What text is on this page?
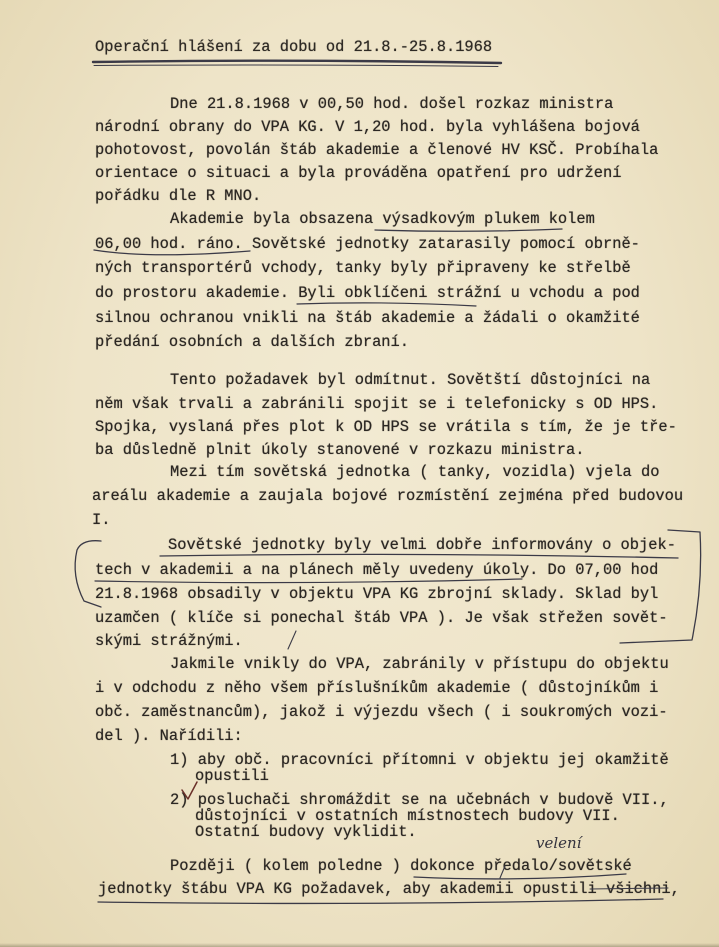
Operační hlášení za dobu od 21.8.-25.8.1968
Dne 21.8.1968 v 00,50 hod. došel rozkaz ministra
národní obrany do VPA KG. V 1,20 hod. byla vyhlášena bojová
pohotovost, povolán štáb akademie a členové HV KSČ. Probíhala
orientace o situaci a byla prováděna opatření pro udržení
pořádku dle R MNO.
Akademie byla obsazena výsadkovým plukem kolem
06,00 hod. ráno. Sovětské jednotky zatarasily pomocí obrně-
ných transportérů vchody, tanky byly připraveny ke střelbě
do prostoru akademie. Byli obklíčeni strážní u vchodu a pod
silnou ochranou vnikli na štáb akademie a žádali o okamžité
předání osobních a dalších zbraní.
Tento požadavek byl odmítnut. Sovětští důstojníci na
něm však trvali a zabránili spojit se i telefonicky s OD HPS.
Spojka, vyslaná přes plot k OD HPS se vrátila s tím, že je tře-
ba důsledně plnit úkoly stanovené v rozkazu ministra.
Mezi tím sovětská jednotka ( tanky, vozidla) vjela do
areálu akademie a zaujala bojové rozmístění zejména před budovou
I.
Sovětské jednotky byly velmi dobře informovány o objek-
tech v akademii a na plánech měly uvedeny úkoly. Do 07,00 hod
21.8.1968 obsadily v objektu VPA KG zbrojní sklady. Sklad byl
uzamčen ( klíče si ponechal štáb VPA ). Je však střežen sovět-
skými strážnými.
Jakmile vnikly do VPA, zabránily v přístupu do objektu
i v odchodu z něho všem příslušníkům akademie ( důstojníkům i
obč. zaměstnancům), jakož i výjezdu všech ( i soukromých vozi-
del ). Nařídili:
1) aby obč. pracovníci přítomni v objektu jej okamžitě
opustili
2) posluchači shromáždit se na učebnách v budově VII.,
důstojníci v ostatních místnostech budovy VII.
Ostatní budovy vyklidit.
velení
Později ( kolem poledne ) dokonce předalo/sovětské
jednotky štábu VPA KG požadavek, aby akademii opustili všichni,
